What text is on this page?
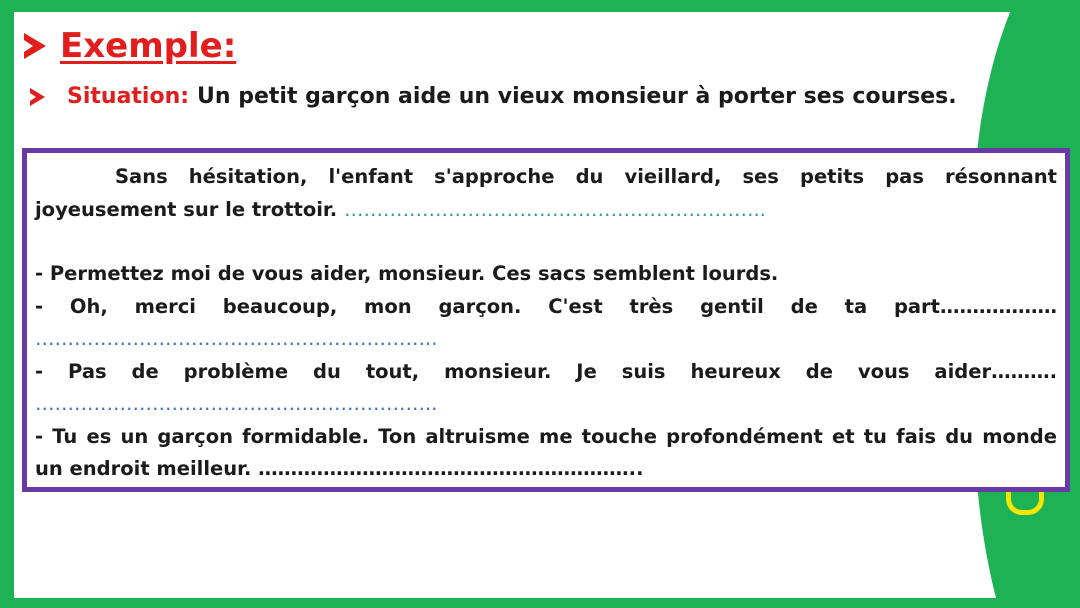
Exemple:
Situation: Un petit garçon aide un vieux monsieur à porter ses courses.

Sans hésitation, l'enfant s'approche du vieillard, ses petits pas résonnant joyeusement sur le trottoir. ………………………………………………………..

- Permettez moi de vous aider, monsieur. Ces sacs semblent lourds.

- Oh, merci beaucoup, mon garçon. C'est très gentil de ta part………………

……………………………………………………..

- Pas de problème du tout, monsieur. Je suis heureux de vous aider……….

……………………………………………………..

- Tu es un garçon formidable. Ton altruisme me touche profondément et tu fais du monde

un endroit meilleur. …………………………………………………..
